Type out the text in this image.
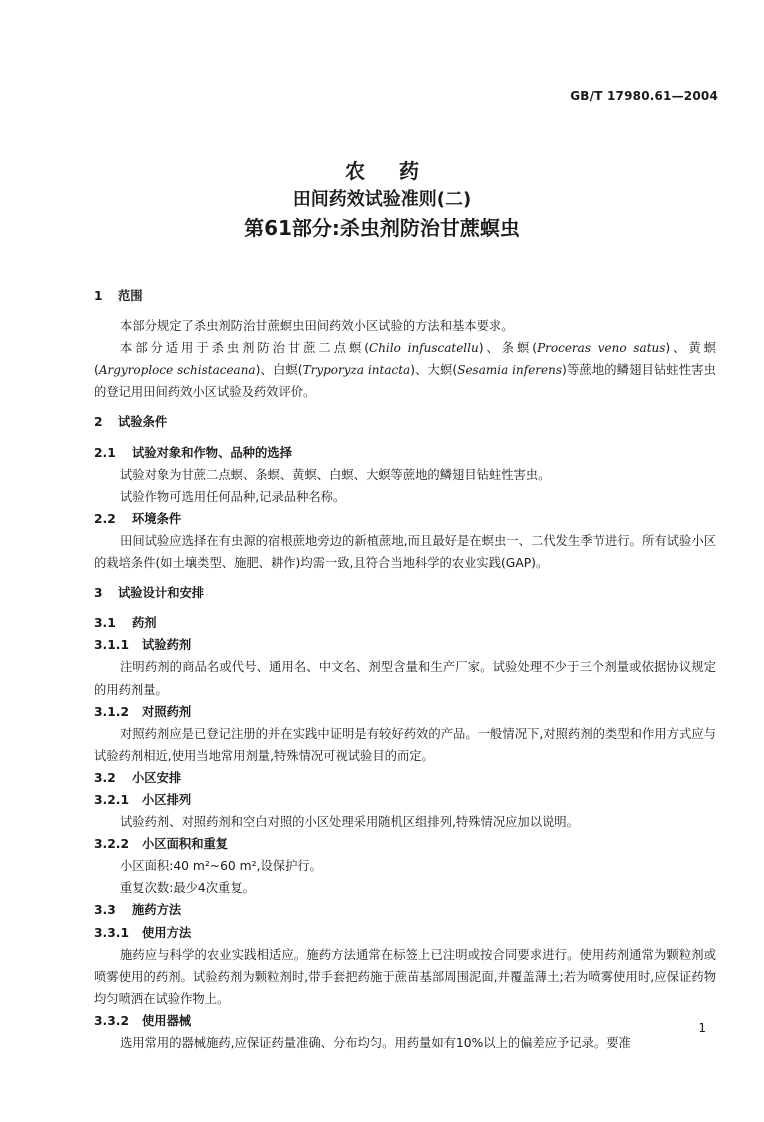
GB/T 17980.61—2004
农药
田间药效试验准则(二)
第61部分:杀虫剂防治甘蔗螟虫
1 范围
本部分规定了杀虫剂防治甘蔗螟虫田间药效小区试验的方法和基本要求。
本部分适用于杀虫剂防治甘蔗二点螟(Chilo infuscatellu)、条螟(Proceras veno satus)、黄螟(Argyroploce schistaceana)、白螟(Tryporyza intacta)、大螟(Sesamia inferens)等蔗地的鳞翅目钻蛀性害虫的登记用田间药效小区试验及药效评价。
2 试验条件
2.1 试验对象和作物、品种的选择
试验对象为甘蔗二点螟、条螟、黄螟、白螟、大螟等蔗地的鳞翅目钻蛀性害虫。
试验作物可选用任何品种,记录品种名称。
2.2 环境条件
田间试验应选择在有虫源的宿根蔗地旁边的新植蔗地,而且最好是在螟虫一、二代发生季节进行。所有试验小区的栽培条件(如土壤类型、施肥、耕作)均需一致,且符合当地科学的农业实践(GAP)。
3 试验设计和安排
3.1 药剂
3.1.1 试验药剂
注明药剂的商品名或代号、通用名、中文名、剂型含量和生产厂家。试验处理不少于三个剂量或依据协议规定的用药剂量。
3.1.2 对照药剂
对照药剂应是已登记注册的并在实践中证明是有较好药效的产品。一般情况下,对照药剂的类型和作用方式应与试验药剂相近,使用当地常用剂量,特殊情况可视试验目的而定。
3.2 小区安排
3.2.1 小区排列
试验药剂、对照药剂和空白对照的小区处理采用随机区组排列,特殊情况应加以说明。
3.2.2 小区面积和重复
小区面积:40 m²~60 m²,设保护行。
重复次数:最少4次重复。
3.3 施药方法
3.3.1 使用方法
施药应与科学的农业实践相适应。施药方法通常在标签上已注明或按合同要求进行。使用药剂通常为颗粒剂或喷雾使用的药剂。试验药剂为颗粒剂时,带手套把药施于蔗苗基部周围泥面,并覆盖薄土;若为喷雾使用时,应保证药物均匀喷洒在试验作物上。
3.3.2 使用器械
选用常用的器械施药,应保证药量准确、分布均匀。用药量如有10%以上的偏差应予记录。要准
1
